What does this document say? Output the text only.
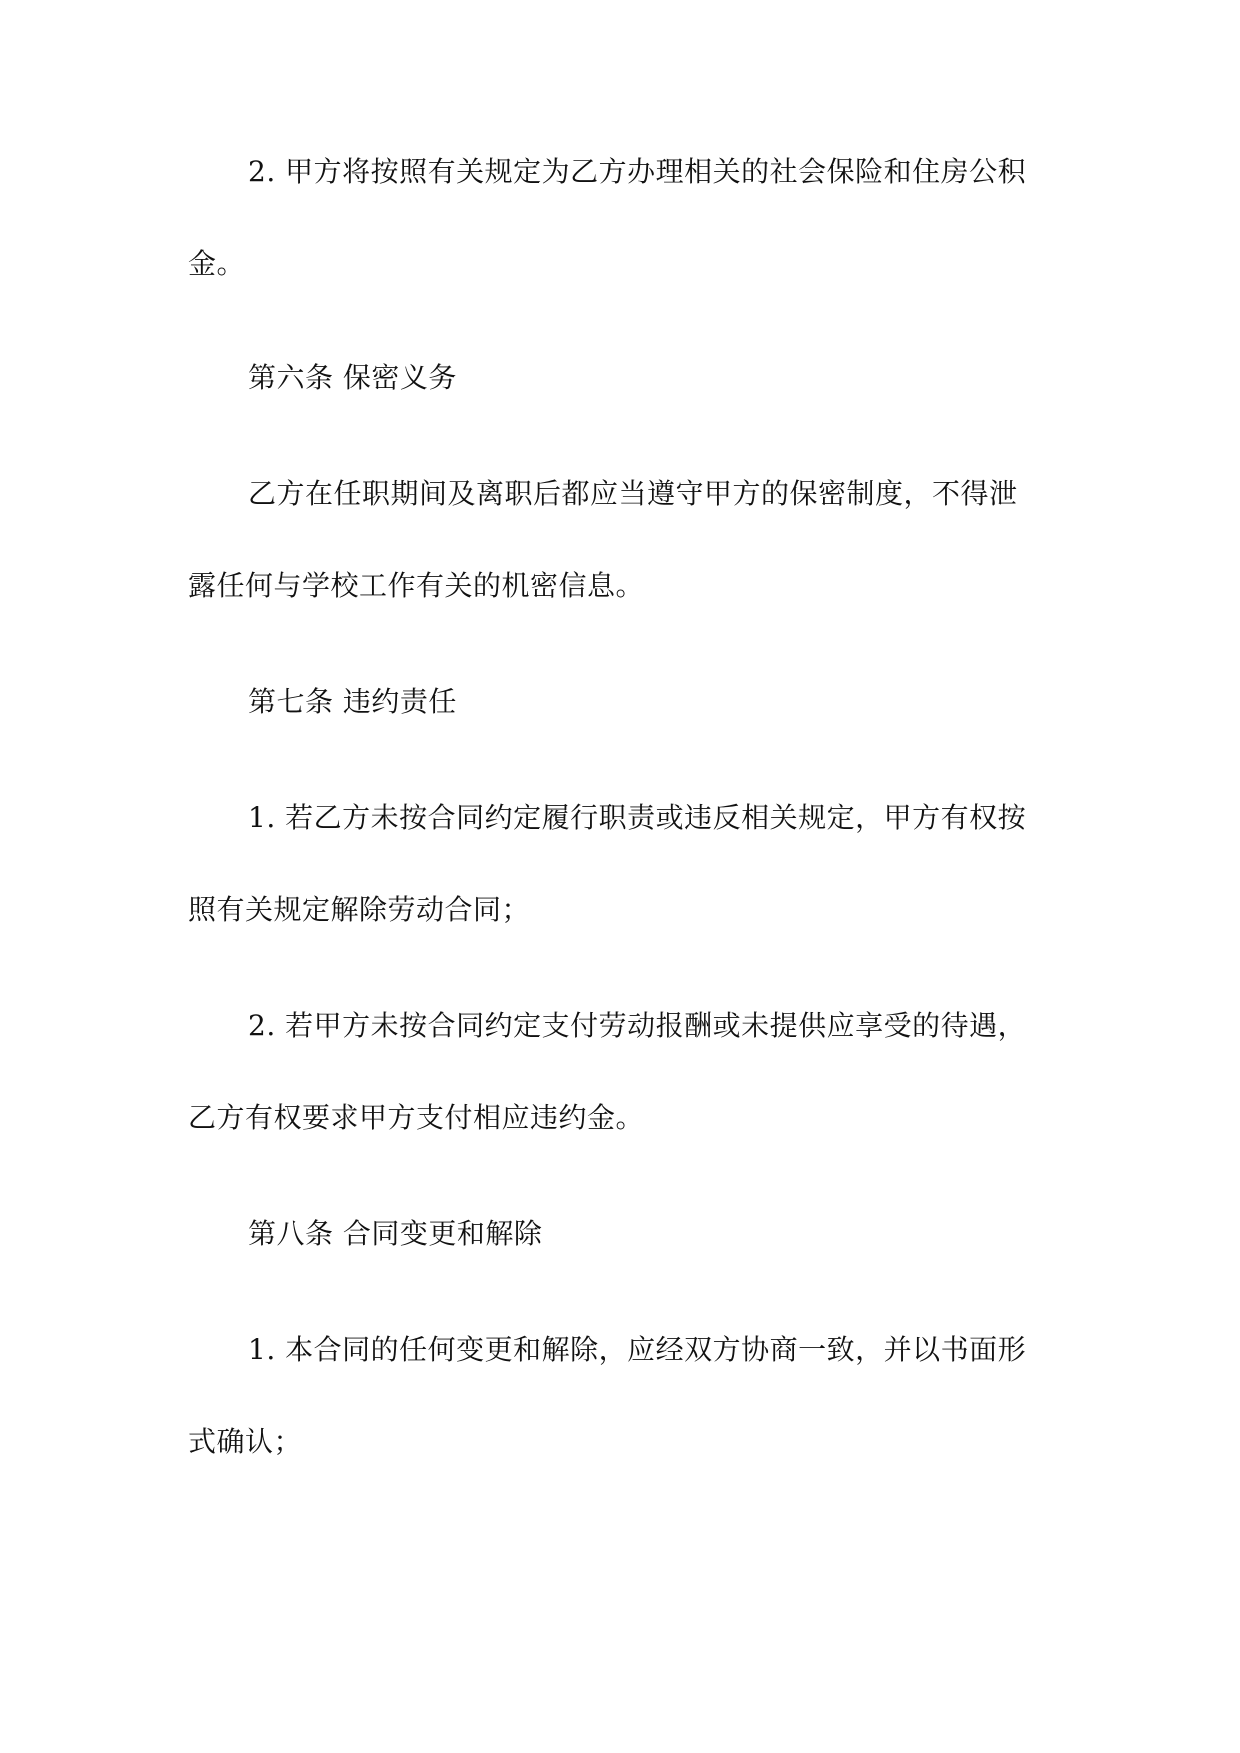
2. 甲方将按照有关规定为乙方办理相关的社会保险和住房公积
金。
第六条 保密义务
乙方在任职期间及离职后都应当遵守甲方的保密制度，不得泄
露任何与学校工作有关的机密信息。
第七条 违约责任
1. 若乙方未按合同约定履行职责或违反相关规定，甲方有权按
照有关规定解除劳动合同；
2. 若甲方未按合同约定支付劳动报酬或未提供应享受的待遇，
乙方有权要求甲方支付相应违约金。
第八条 合同变更和解除
1. 本合同的任何变更和解除，应经双方协商一致，并以书面形
式确认；
